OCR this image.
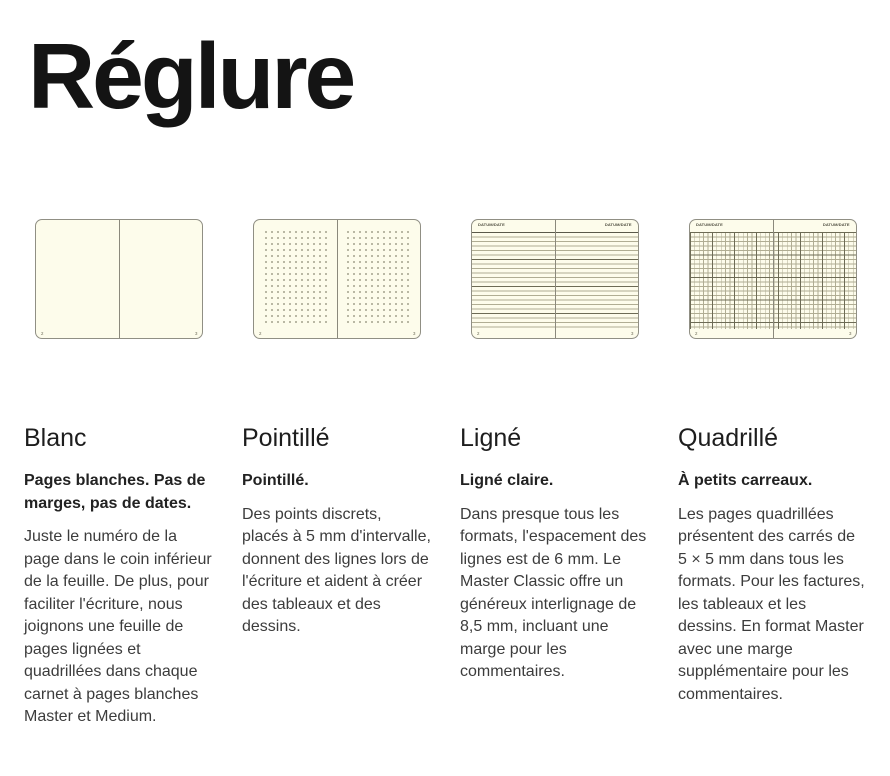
Réglure
2	3
Blanc
Pages blanches. Pas de marges, pas de dates.

Juste le numéro de la page dans le coin inférieur de la feuille. De plus, pour faciliter l'écriture, nous joignons une feuille de pages lignées et quadrillées dans chaque carnet à pages blanches Master et Medium.

2	3
Pointillé
Pointillé.

Des points discrets, placés à 5 mm d'intervalle, donnent des lignes lors de l'écriture et aident à créer des tableaux et des dessins.

DATUM/DATE	DATUM/DATE
2	3
Ligné
Ligné claire.

Dans presque tous les formats, l'espacement des lignes est de 6 mm. Le Master Classic offre un généreux interlignage de 8,5 mm, incluant une marge pour les commentaires.

DATUM/DATE	DATUM/DATE
2	3
Quadrillé
À petits carreaux.

Les pages quadrillées présentent des carrés de 5 × 5 mm dans tous les formats. Pour les factures, les tableaux et les dessins. En format Master avec une marge supplémentaire pour les commentaires.
